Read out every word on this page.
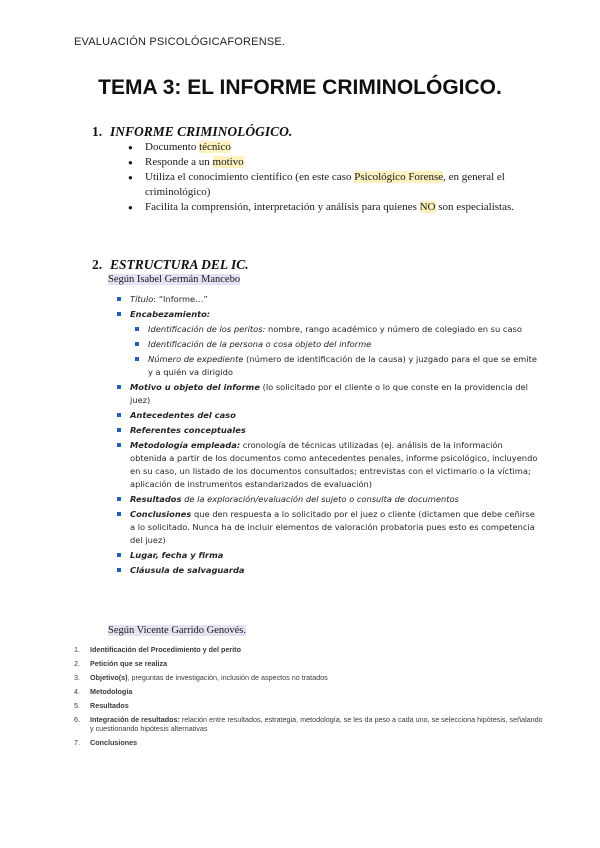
EVALUACIÓN PSICOLÓGICAFORENSE.
TEMA 3: EL INFORME CRIMINOLÓGICO.
1. INFORME CRIMINOLÓGICO.
● Documento técnico
● Responde a un motivo
● Utiliza el conocimiento científico (en este caso Psicológico Forense, en general el criminológico)
● Facilita la comprensión, interpretación y análisis para quienes NO son especialistas.
2. ESTRUCTURA DEL IC.
Según Isabel Germán Mancebo
Título: “Informe…”
Encabezamiento:
Identificación de los peritos: nombre, rango académico y número de colegiado en su caso
Identificación de la persona o cosa objeto del informe
Número de expediente (número de identificación de la causa) y juzgado para el que se emite y a quién va dirigido
Motivo u objeto del informe (lo solicitado por el cliente o lo que conste en la providencia del juez)
Antecedentes del caso
Referentes conceptuales
Metodología empleada: cronología de técnicas utilizadas (ej. análisis de la información obtenida a partir de los documentos como antecedentes penales, informe psicológico, incluyendo en su caso, un listado de los documentos consultados; entrevistas con el victimario o la víctima; aplicación de instrumentos estandarizados de evaluación)
Resultados de la exploración/evaluación del sujeto o consulta de documentos
Conclusiones que den respuesta a lo solicitado por el juez o cliente (dictamen que debe ceñirse a lo solicitado. Nunca ha de incluir elementos de valoración probatoria pues esto es competencia del juez)
Lugar, fecha y firma
Cláusula de salvaguarda
Según Vicente Garrido Genovés.
1. Identificación del Procedimiento y del perito
2. Petición que se realiza
3. Objetivo(s), preguntas de investigación, inclusión de aspectos no tratados
4. Metodología
5. Resultados
6. Integración de resultados: relación entre resultados, estrategia, metodología, se les da peso a cada uno, se selecciona hipótesis, señalando y cuestionando hipótesis alternativas
7. Conclusiones
